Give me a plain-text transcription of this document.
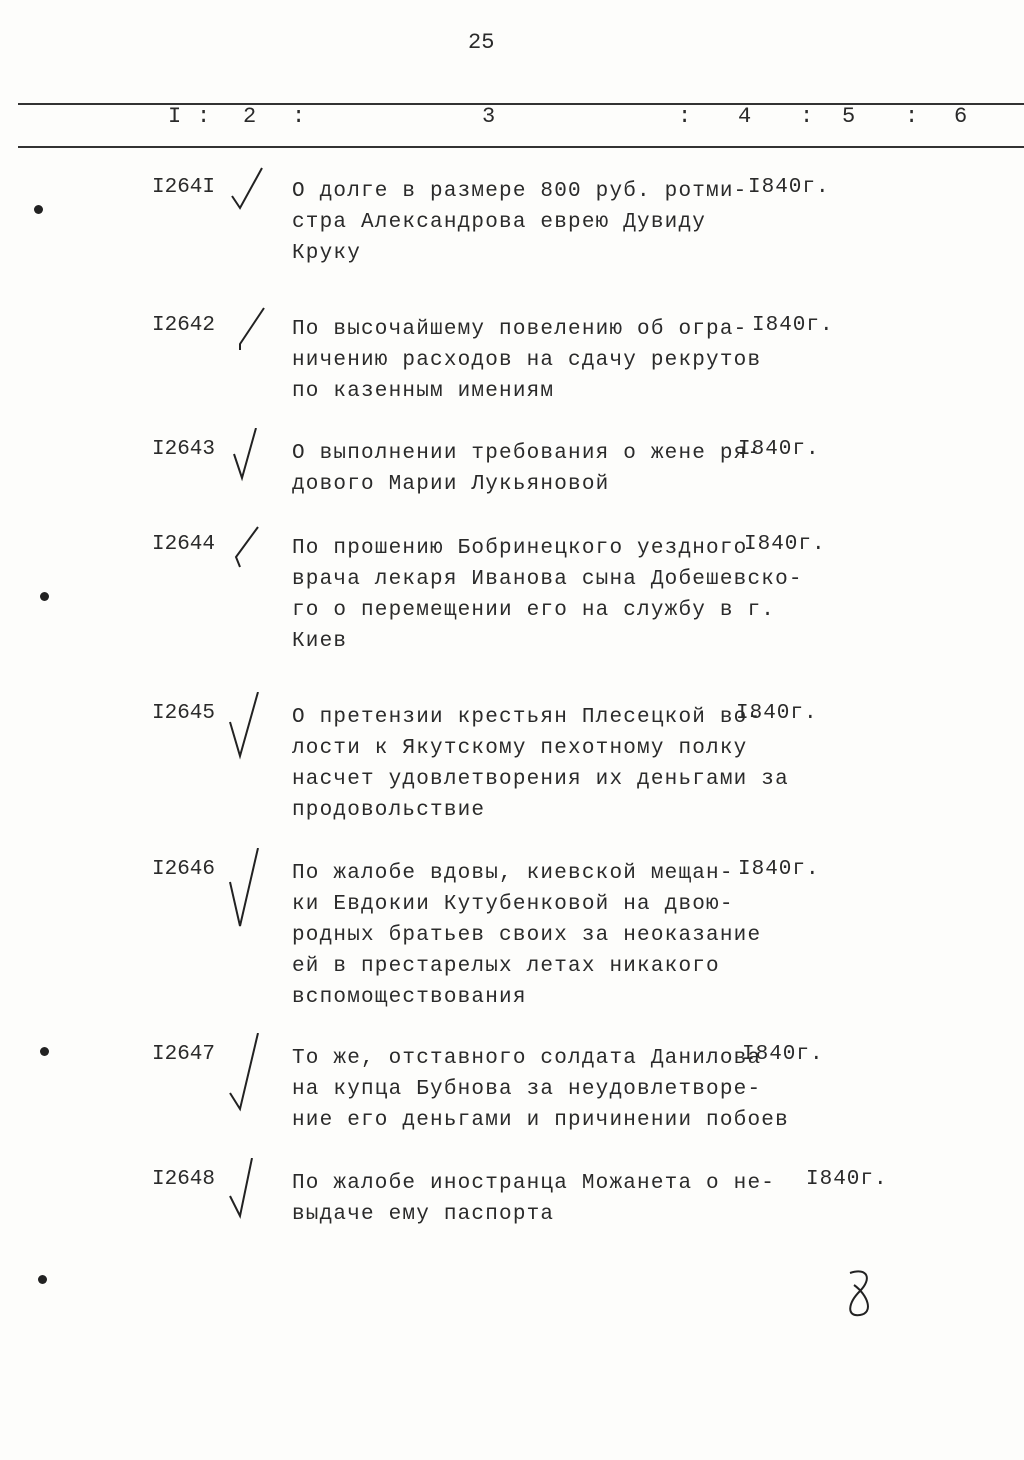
25
I : 2 :	3	: 4 : 5 : 6
I264I	О долге в размере 800 руб. ротми-
стра Александрова еврею Дувиду
Круку
I840г.
I2642	По высочайшему повелению об огра-
ничению расходов на сдачу рекрутов
по казенным имениям
I840г.
I2643	О выполнении требования о жене ря-
дового Марии Лукьяновой
I840г.
I2644	По прошению Бобринецкого уездного
врача лекаря Иванова сына Добешевско-
го о перемещении его на службу в г.
Киев
I840г.
I2645	О претензии крестьян Плесецкой во-
лости к Якутскому пехотному полку
насчет удовлетворения их деньгами за
продовольствие
I840г.
I2646	По жалобе вдовы, киевской мещан-
ки Евдокии Кутубенковой на двою-
родных братьев своих за неоказание
ей в престарелых летах никакого
вспомоществования
I840г.
I2647	То же, отставного солдата Данилова
на купца Бубнова за неудовлетворе-
ние его деньгами и причинении побоев
I840г.
I2648	По жалобе иностранца Можанета о не-
выдаче ему паспорта
I840г.
